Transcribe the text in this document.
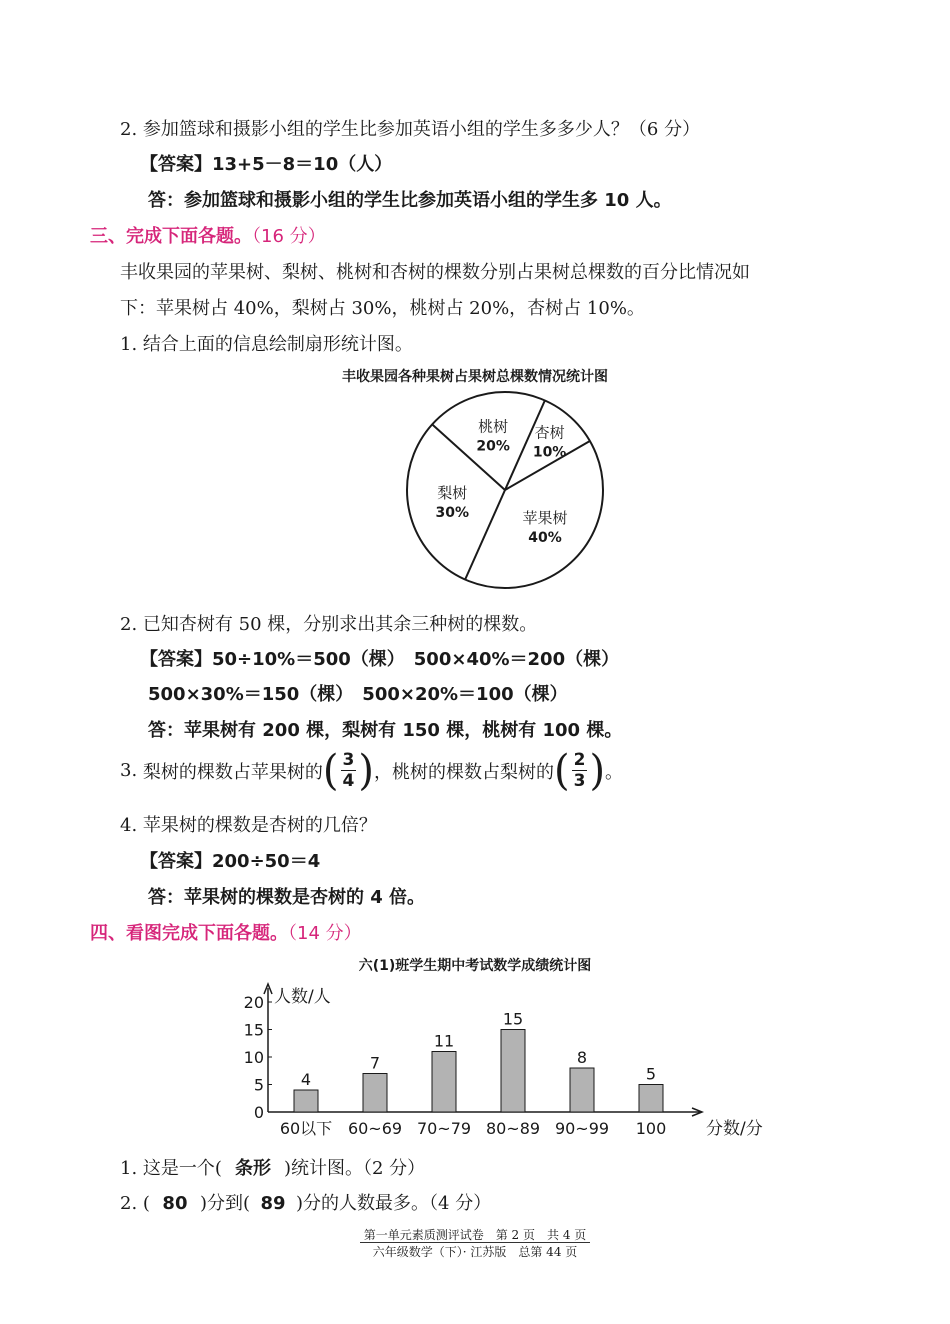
2. 参加篮球和摄影小组的学生比参加英语小组的学生多多少人？（6 分）
【答案】13+5－8＝10（人）
答：参加篮球和摄影小组的学生比参加英语小组的学生多 10 人。
三、完成下面各题。（16 分）
丰收果园的苹果树、梨树、桃树和杏树的棵数分别占果树总棵数的百分比情况如
下：苹果树占 40%，梨树占 30%，桃树占 20%，杏树占 10%。
1. 结合上面的信息绘制扇形统计图。
丰收果园各种果树占果树总棵数情况统计图
苹果树
40%
梨树
30%
桃树
20%
杏树
10%
2. 已知杏树有 50 棵，分别求出其余三种树的棵数。
【答案】50÷10%＝500（棵）　500×40%＝200（棵）
500×30%＝150（棵）　500×20%＝100（棵）
答：苹果树有 200 棵，梨树有 150 棵，桃树有 100 棵。
3.
梨树的棵数占苹果树的 ( $\frac{3}{4}$ ) ，桃树的棵数占梨树的 ( $\frac{2}{3}$ ) 。
4. 苹果树的棵数是杏树的几倍？
【答案】200÷50＝4
答：苹果树的棵数是杏树的 4 倍。
四、看图完成下面各题。（14 分）
六(1)班学生期中考试数学成绩统计图
0
5
10
15
20 人数/人
分数/分
4
60以下
7
60~69
11
70~79
15
80~89
8
90~99
5
100
1. 这是一个( 条形 )统计图。（2 分）
2. ( 80 )分到( 89 )分的人数最多。（4 分）
第一单元素质测评试卷　第 2 页　共 4 页
六年级数学（下）· 江苏版　总第 44 页
